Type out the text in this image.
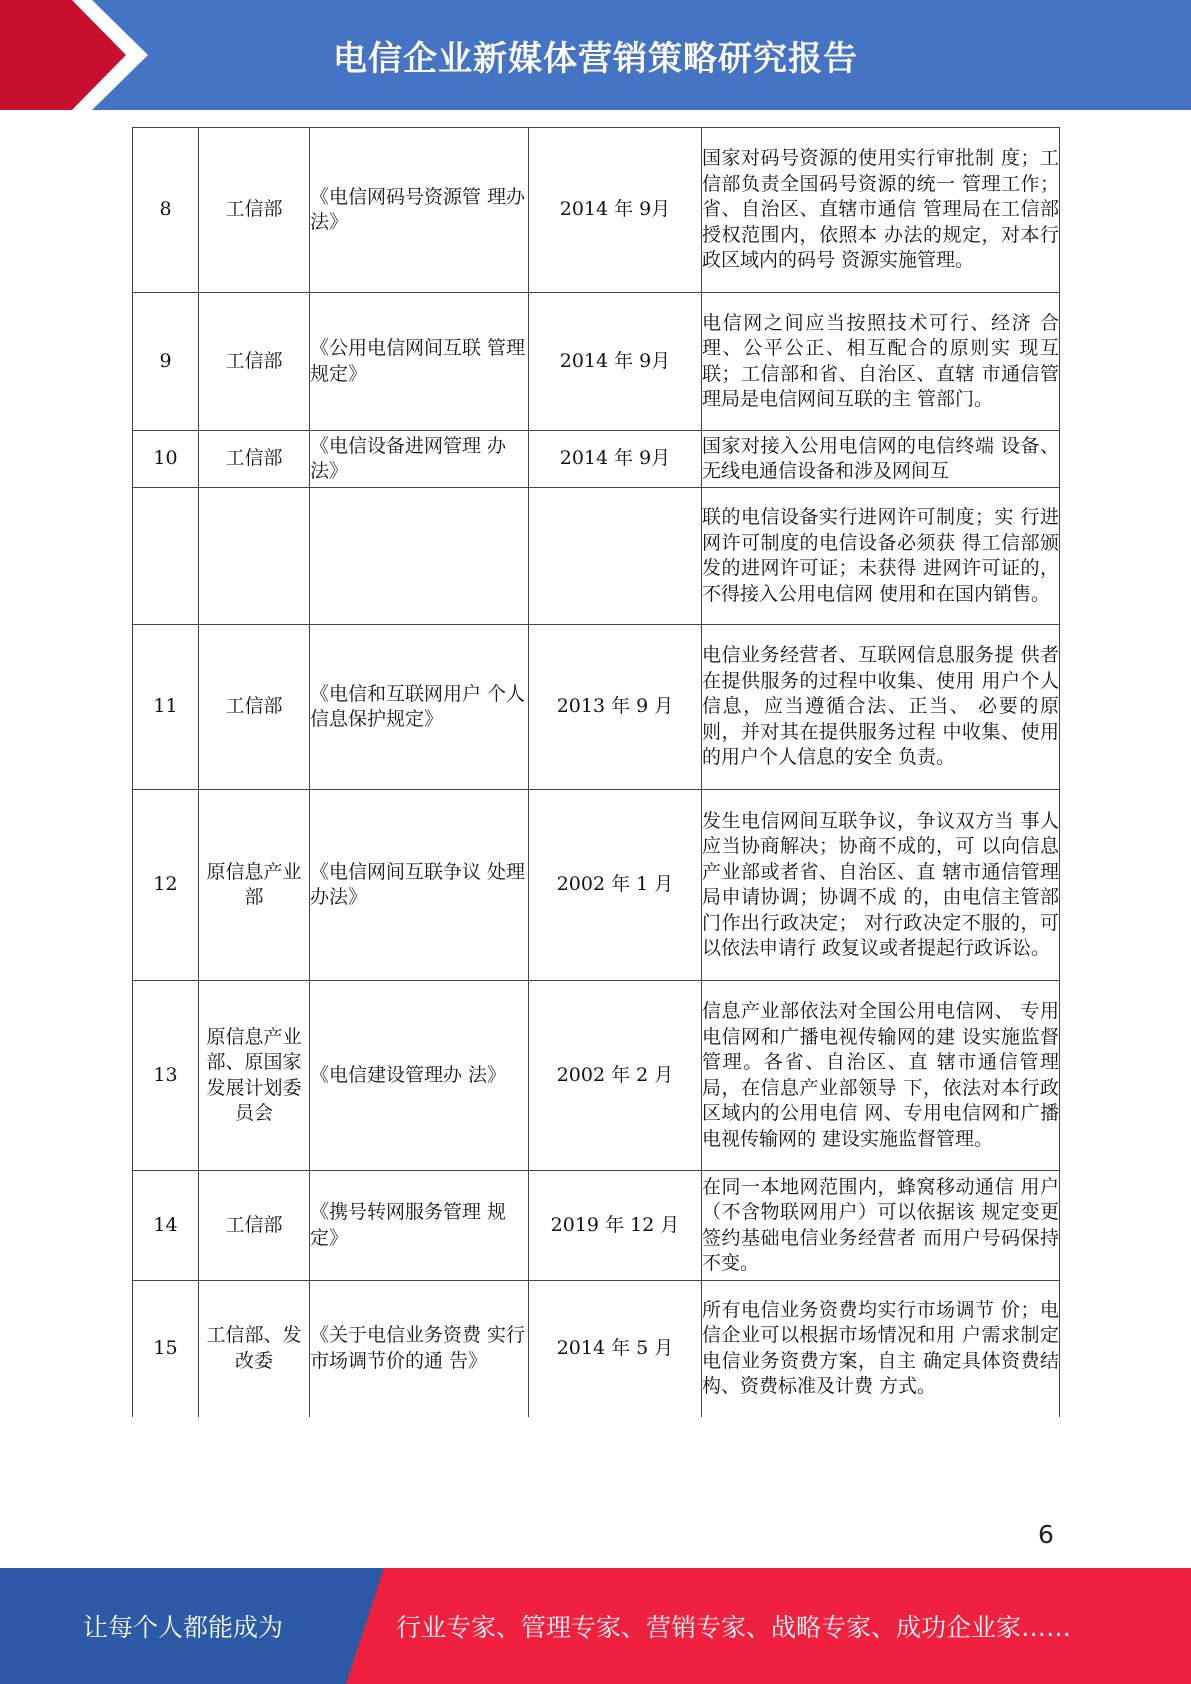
电信企业新媒体营销策略研究报告
8	工信部	《电信网码号资源管 理办法》	2014 年 9月	国家对码号资源的使用实行审批制 度；工信部负责全国码号资源的统一 管理工作；省、自治区、直辖市通信 管理局在工信部授权范围内，依照本 办法的规定，对本行政区域内的码号 资源实施管理。
9	工信部	《公用电信网间互联 管理规定》	2014 年 9月	电信网之间应当按照技术可行、经济 合理、公平公正、相互配合的原则实 现互联；工信部和省、自治区、直辖 市通信管理局是电信网间互联的主 管部门。
10	工信部	《电信设备进网管理 办法》	2014 年 9月	国家对接入公用电信网的电信终端 设备、无线电通信设备和涉及网间互
				联的电信设备实行进网许可制度；实 行进网许可制度的电信设备必须获 得工信部颁发的进网许可证；未获得 进网许可证的，不得接入公用电信网 使用和在国内销售。
11	工信部	《电信和互联网用户 个人信息保护规定》	2013 年 9 月	电信业务经营者、互联网信息服务提 供者在提供服务的过程中收集、使用 用户个人信息，应当遵循合法、正当、 必要的原则，并对其在提供服务过程 中收集、使用的用户个人信息的安全 负责。
12	原信息产业部	《电信网间互联争议 处理办法》	2002 年 1 月	发生电信网间互联争议，争议双方当 事人应当协商解决；协商不成的，可 以向信息产业部或者省、自治区、直 辖市通信管理局申请协调；协调不成 的，由电信主管部门作出行政决定； 对行政决定不服的，可以依法申请行 政复议或者提起行政诉讼。
13	原信息产业部、原国家发展计划委员会	《电信建设管理办 法》	2002 年 2 月	信息产业部依法对全国公用电信网、 专用电信网和广播电视传输网的建 设实施监督管理。各省、自治区、直 辖市通信管理局，在信息产业部领导 下，依法对本行政区域内的公用电信 网、专用电信网和广播电视传输网的 建设实施监督管理。
14	工信部	《携号转网服务管理 规定》	2019 年 12 月	在同一本地网范围内，蜂窝移动通信 用户（不含物联网用户）可以依据该 规定变更签约基础电信业务经营者 而用户号码保持不变。
15	工信部、发改委	《关于电信业务资费 实行市场调节价的通 告》	2014 年 5 月	所有电信业务资费均实行市场调节 价；电信企业可以根据市场情况和用 户需求制定电信业务资费方案，自主 确定具体资费结构、资费标准及计费 方式。
6
让每个人都能成为	行业专家、管理专家、营销专家、战略专家、成功企业家……
